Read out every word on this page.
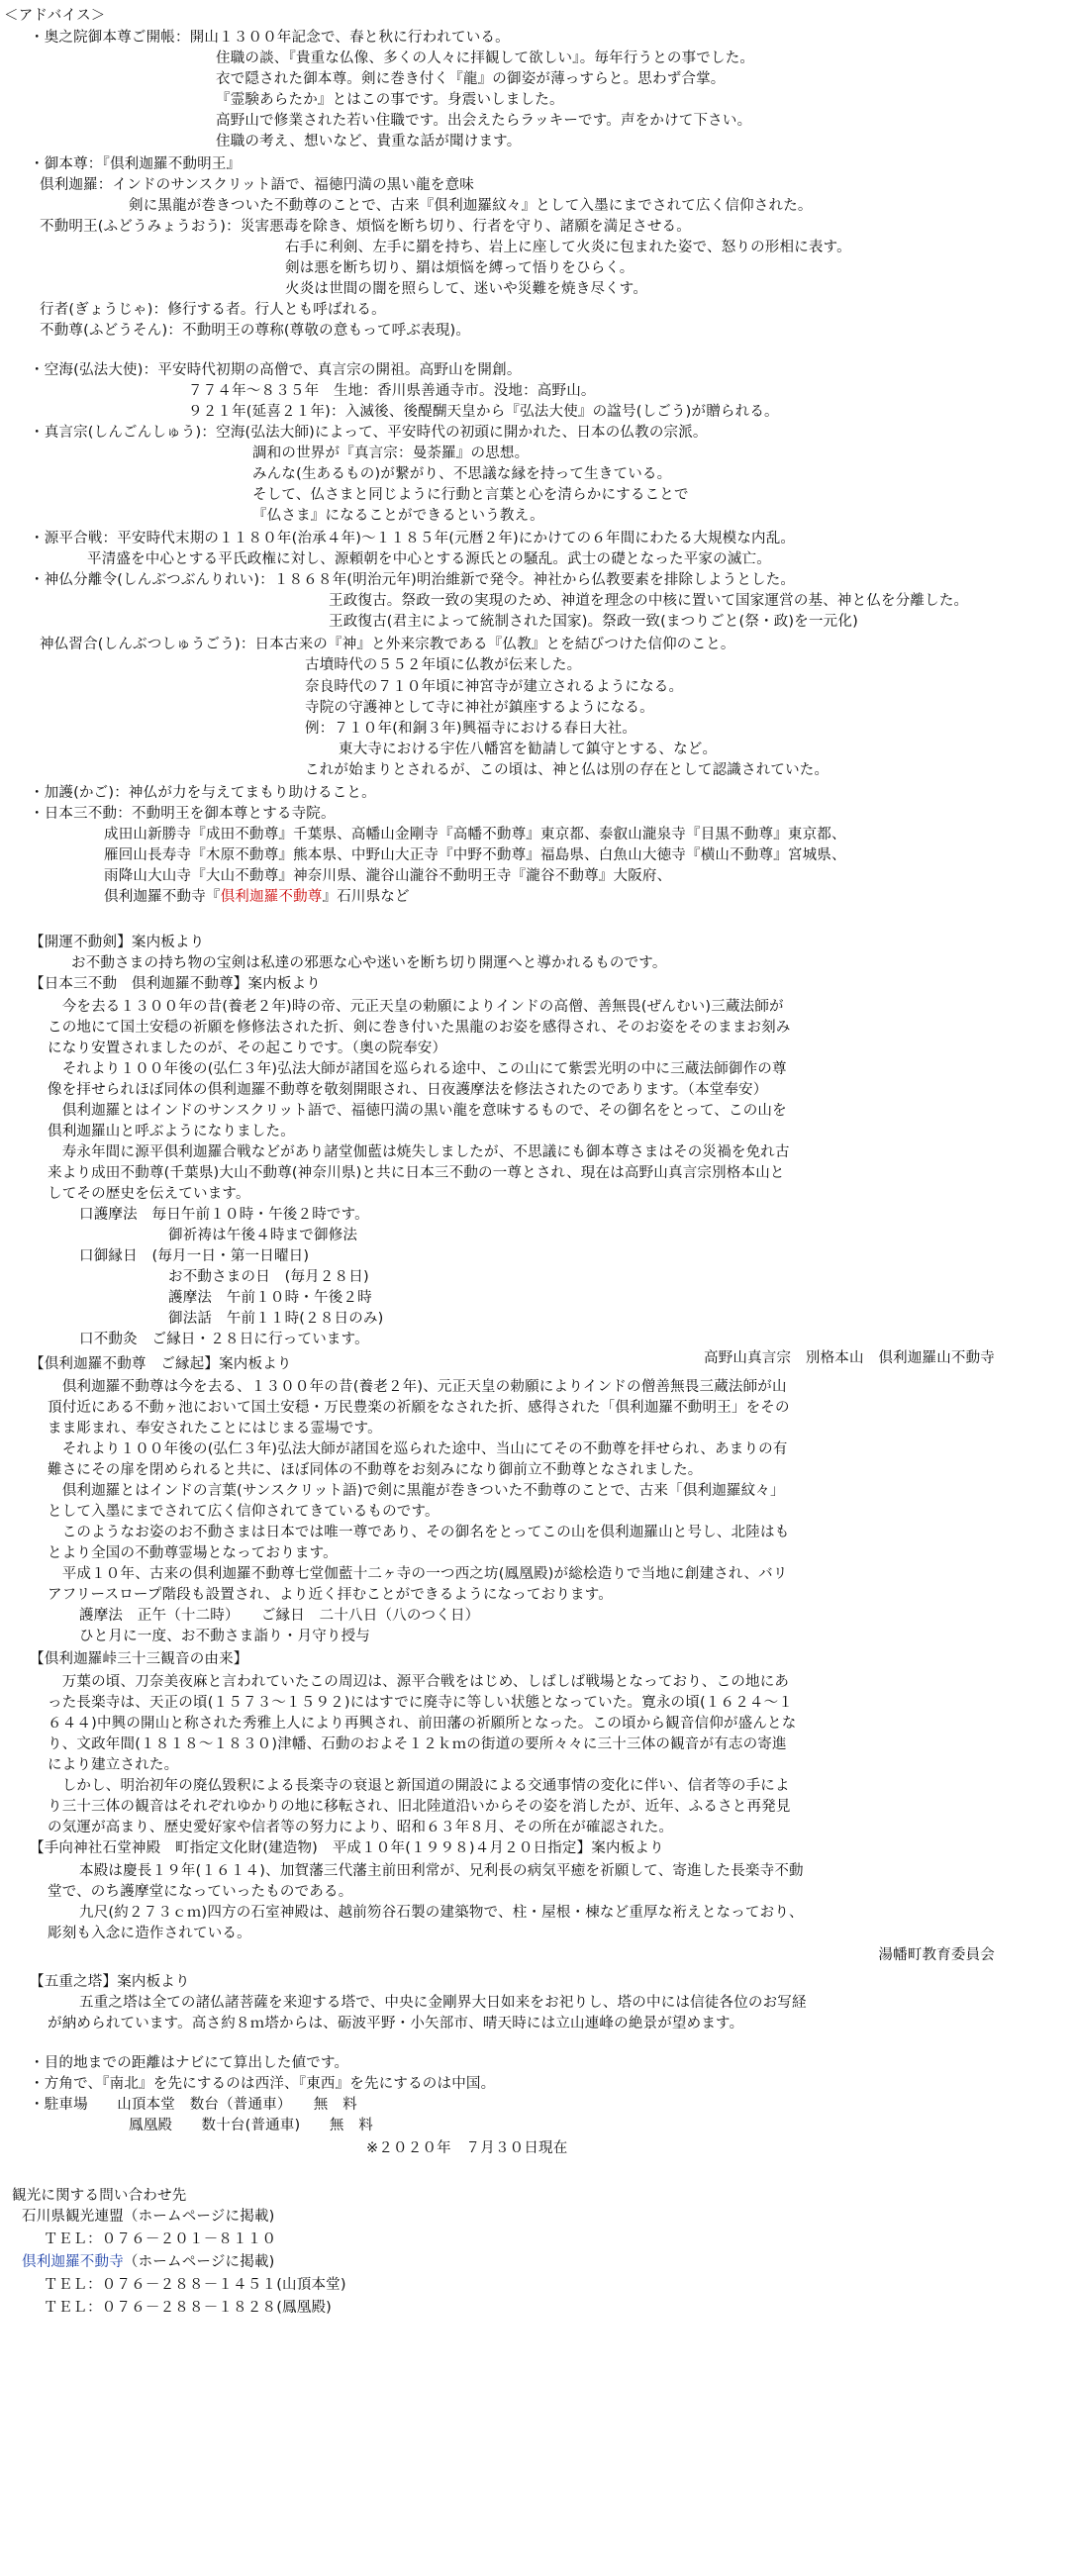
＜アドバイス＞
・奥之院御本尊ご開帳：開山１３００年記念で、春と秋に行われている。
住職の談、『貴重な仏像、多くの人々に拝観して欲しい』。毎年行うとの事でした。
衣で隠された御本尊。剣に巻き付く『龍』の御姿が薄っすらと。思わず合掌。
『霊験あらたか』とはこの事です。身震いしました。
高野山で修業された若い住職です。出会えたらラッキーです。声をかけて下さい。
住職の考え、想いなど、貴重な話が聞けます。
・御本尊：『倶利迦羅不動明王』
倶利迦羅：インドのサンスクリット語で、福徳円満の黒い龍を意味
剣に黒龍が巻きついた不動尊のことで、古来『倶利迦羅紋々』として入墨にまでされて広く信仰された。
不動明王(ふどうみょうおう)：災害悪毒を除き、煩悩を断ち切り、行者を守り、諸願を満足させる。
右手に利剣、左手に羂を持ち、岩上に座して火炎に包まれた姿で、怒りの形相に表す。
剣は悪を断ち切り、羂は煩悩を縛って悟りをひらく。
火炎は世間の闇を照らして、迷いや災難を焼き尽くす。
行者(ぎょうじゃ)：修行する者。行人とも呼ばれる。
不動尊(ふどうそん)：不動明王の尊称(尊敬の意もって呼ぶ表現)。
・空海(弘法大使)：平安時代初期の高僧で、真言宗の開祖。高野山を開創。
７７４年～８３５年　生地：香川県善通寺市。没地：高野山。
９２１年(延喜２１年)：入滅後、後醍醐天皇から『弘法大使』の諡号(しごう)が贈られる。
・真言宗(しんごんしゅう)：空海(弘法大師)によって、平安時代の初頭に開かれた、日本の仏教の宗派。
調和の世界が『真言宗：曼荼羅』の思想。
みんな(生あるもの)が繋がり、不思議な縁を持って生きている。
そして、仏さまと同じように行動と言葉と心を清らかにすることで
『仏さま』になることができるという教え。
・源平合戦：平安時代末期の１１８０年(治承４年)～１１８５年(元暦２年)にかけての６年間にわたる大規模な内乱。
平清盛を中心とする平氏政権に対し、源頼朝を中心とする源氏との騒乱。武士の礎となった平家の滅亡。
・神仏分離令(しんぶつぶんりれい)：１８６８年(明治元年)明治維新で発令。神社から仏教要素を排除しようとした。
王政復古。祭政一致の実現のため、神道を理念の中核に置いて国家運営の基、神と仏を分離した。
王政復古(君主によって統制された国家)。祭政一致(まつりごと(祭・政)を一元化)
神仏習合(しんぶつしゅうごう)：日本古来の『神』と外来宗教である『仏教』とを結びつけた信仰のこと。
古墳時代の５５２年頃に仏教が伝来した。
奈良時代の７１０年頃に神宮寺が建立されるようになる。
寺院の守護神として寺に神社が鎮座するようになる。
例：７１０年(和銅３年)興福寺における春日大社。
東大寺における宇佐八幡宮を勧請して鎮守とする、など。
これが始まりとされるが、この頃は、神と仏は別の存在として認識されていた。
・加護(かご)：神仏が力を与えてまもり助けること。
・日本三不動：不動明王を御本尊とする寺院。
成田山新勝寺『成田不動尊』千葉県、高幡山金剛寺『高幡不動尊』東京都、泰叡山瀧泉寺『目黒不動尊』東京都、
雁回山長寿寺『木原不動尊』熊本県、中野山大正寺『中野不動尊』福島県、白魚山大徳寺『横山不動尊』宮城県、
雨降山大山寺『大山不動尊』神奈川県、瀧谷山瀧谷不動明王寺『瀧谷不動尊』大阪府、
倶利迦羅不動寺『倶利迦羅不動尊』石川県など
【開運不動剣】案内板より
お不動さまの持ち物の宝剣は私達の邪悪な心や迷いを断ち切り開運へと導かれるものです。
【日本三不動　倶利迦羅不動尊】案内板より
　今を去る１３００年の昔(養老２年)時の帝、元正天皇の勅願によりインドの高僧、善無畏(ぜんむい)三蔵法師が
この地にて国土安穏の祈願を修修法された折、剣に巻き付いた黒龍のお姿を感得され、そのお姿をそのままお刻み
になり安置されましたのが、その起こりです。（奥の院奉安）
　それより１００年後の(弘仁３年)弘法大師が諸国を巡られる途中、この山にて紫雲光明の中に三蔵法師御作の尊
像を拝せられほぼ同体の倶利迦羅不動尊を敬刻開眼され、日夜護摩法を修法されたのであります。（本堂奉安）
　倶利迦羅とはインドのサンスクリット語で、福徳円満の黒い龍を意味するもので、その御名をとって、この山を
倶利迦羅山と呼ぶようになりました。
　寿永年間に源平倶利迦羅合戦などがあり諸堂伽藍は焼失しましたが、不思議にも御本尊さまはその災禍を免れ古
来より成田不動尊(千葉県)大山不動尊(神奈川県)と共に日本三不動の一尊とされ、現在は高野山真言宗別格本山と
してその歴史を伝えています。
口護摩法　毎日午前１０時・午後２時です。
御祈祷は午後４時まで御修法
口御縁日　(毎月一日・第一日曜日)
お不動さまの日　(毎月２８日)
護摩法　午前１０時・午後２時
御法話　午前１１時(２８日のみ)
口不動灸　ご縁日・２８日に行っています。
【倶利迦羅不動尊　ご縁起】案内板より
　倶利迦羅不動尊は今を去る、１３００年の昔(養老２年)、元正天皇の勅願によりインドの僧善無畏三蔵法師が山
頂付近にある不動ヶ池において国土安穏・万民豊楽の祈願をなされた折、感得された「倶利迦羅不動明王」をその
まま彫まれ、奉安されたことにはじまる霊場です。
　それより１００年後の(弘仁３年)弘法大師が諸国を巡られた途中、当山にてその不動尊を拝せられ、あまりの有
難さにその扉を閉められると共に、ほぼ同体の不動尊をお刻みになり御前立不動尊となされました。
　倶利迦羅とはインドの言葉(サンスクリット語)で剣に黒龍が巻きついた不動尊のことで、古来「倶利迦羅紋々」
として入墨にまでされて広く信仰されてきているものです。
　このようなお姿のお不動さまは日本では唯一尊であり、その御名をとってこの山を倶利迦羅山と号し、北陸はも
とより全国の不動尊霊場となっております。
　平成１０年、古来の倶利迦羅不動尊七堂伽藍十二ヶ寺の一つ西之坊(鳳凰殿)が総桧造りで当地に創建され、バリ
アフリースロープ階段も設置され、より近く拝むことができるようになっております。
護摩法　正午（十二時）　　ご縁日　二十八日（八のつく日）
ひと月に一度、お不動さま詣り・月守り授与
【倶利迦羅峠三十三観音の由来】
　万葉の頃、刀奈美夜麻と言われていたこの周辺は、源平合戦をはじめ、しばしば戦場となっており、この地にあ
った長楽寺は、天正の頃(１５７３～１５９２)にはすでに廃寺に等しい状態となっていた。寛永の頃(１６２４～１
６４４)中興の開山と称された秀雅上人により再興され、前田藩の祈願所となった。この頃から観音信仰が盛んとな
り、文政年間(１８１８～１８３０)津幡、石動のおよそ１２ｋｍの街道の要所々々に三十三体の観音が有志の寄進
により建立された。
　しかし、明治初年の廃仏毀釈による長楽寺の衰退と新国道の開設による交通事情の変化に伴い、信者等の手によ
り三十三体の観音はそれぞれゆかりの地に移転され、旧北陸道沿いからその姿を消したが、近年、ふるさと再発見
の気運が高まり、歴史愛好家や信者等の努力により、昭和６３年８月、その所在が確認された。
【手向神社石堂神殿　町指定文化財(建造物)　平成１０年(１９９８)４月２０日指定】案内板より
本殿は慶長１９年(１６１４)、加賀藩三代藩主前田利常が、兄利長の病気平癒を祈願して、寄進した長楽寺不動
堂で、のち護摩堂になっていったものである。
九尺(約２７３ｃｍ)四方の石室神殿は、越前笏谷石製の建築物で、柱・屋根・棟など重厚な裄えとなっており、
彫刻も入念に造作されている。
【五重之塔】案内板より
五重之塔は全ての諸仏諸菩薩を来迎する塔で、中央に金剛界大日如来をお祀りし、塔の中には信徒各位のお写経
が納められています。高さ約８ｍ塔からは、砺波平野・小矢部市、晴天時には立山連峰の絶景が望めます。
・目的地までの距離はナビにて算出した値です。
・方角で、『南北』を先にするのは西洋、『東西』を先にするのは中国。
・駐車場　　山頂本堂　数台（普通車）　　無　料
鳳凰殿　　数十台(普通車)　　無　料
※２０２０年　７月３０日現在
観光に関する問い合わせ先
石川県観光連盟（ホームページに掲載)
ＴＥＬ：０７６－２０１－８１１０
倶利迦羅不動寺（ホームページに掲載)
ＴＥＬ：０７６－２８８－１４５１(山頂本堂)
ＴＥＬ：０７６－２８８－１８２８(鳳凰殿)
高野山真言宗　別格本山　倶利迦羅山不動寺
湯幡町教育委員会
